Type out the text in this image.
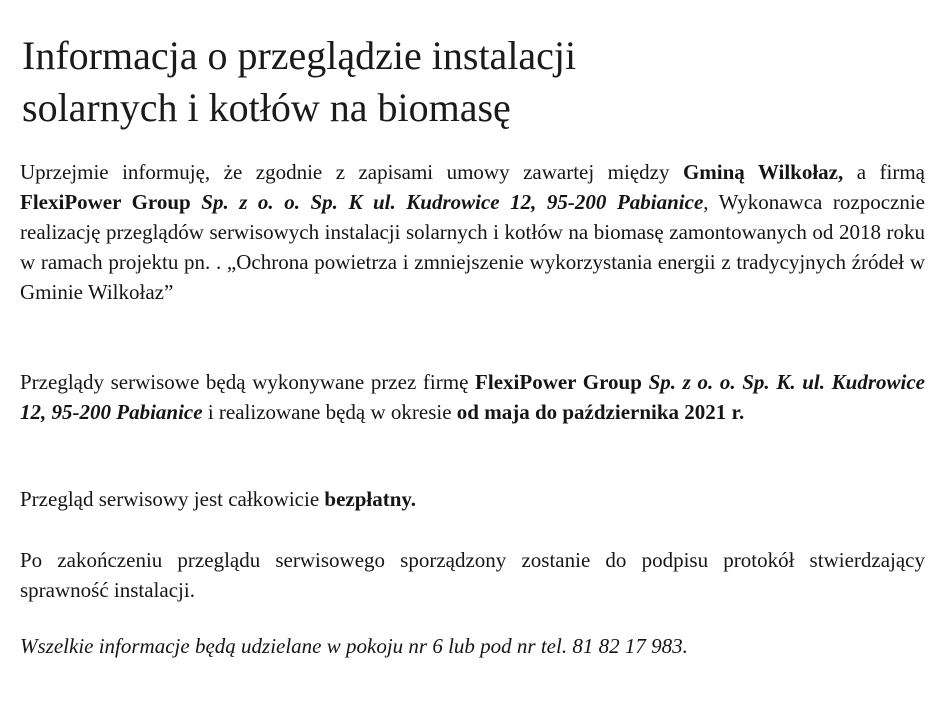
Informacja o przeglądzie instalacji
solarnych i kotłów na biomasę

Uprzejmie informuję, że zgodnie z zapisami umowy zawartej między Gminą Wilkołaz, a firmą FlexiPower Group Sp. z o. o. Sp. K ul. Kudrowice 12, 95-200 Pabianice, Wykonawca rozpocznie realizację przeglądów serwisowych instalacji solarnych i kotłów na biomasę zamontowanych od 2018 roku w ramach projektu pn. . „Ochrona powietrza i zmniejszenie wykorzystania energii z tradycyjnych źródeł w Gminie Wilkołaz”

Przeglądy serwisowe będą wykonywane przez firmę FlexiPower Group Sp. z o. o. Sp. K. ul. Kudrowice 12, 95-200 Pabianice i realizowane będą w okresie od maja do października 2021 r.

Przegląd serwisowy jest całkowicie bezpłatny.

Po zakończeniu przeglądu serwisowego sporządzony zostanie do podpisu protokół stwierdzający sprawność instalacji.

Wszelkie informacje będą udzielane w pokoju nr 6 lub pod nr tel. 81 82 17 983.
